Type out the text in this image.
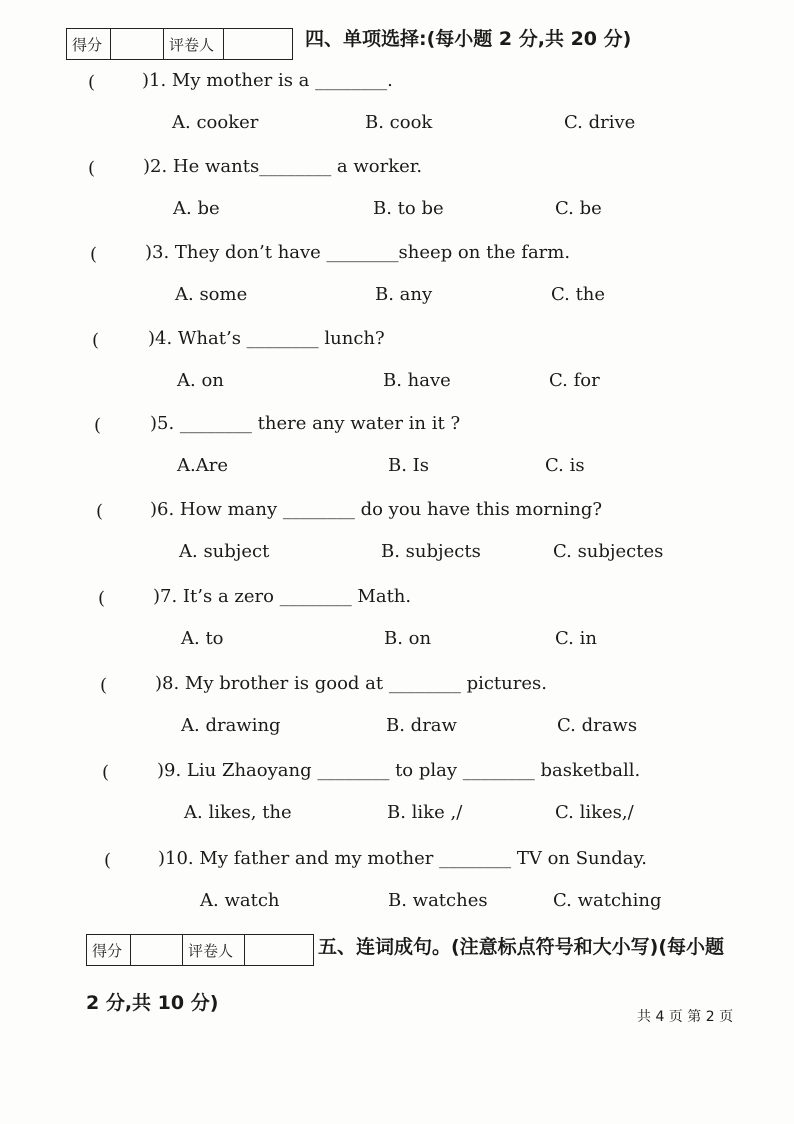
得分	评卷人	四、单项选择:(每小题 2 分,共 20 分)
(	)1. My mother is a ________.
A. cooker	B. cook	C. drive
(	)2. He wants________ a worker.
A. be	B. to be	C. be
(	)3. They don’t have ________sheep on the farm.
A. some	B. any	C. the
(	)4. What’s ________ lunch?
A. on	B. have	C. for
(	)5. ________ there any water in it ?
A.Are	B. Is	C. is
(	)6. How many ________ do you have this morning?
A. subject	B. subjects	C. subjectes
(	)7. It’s a zero ________ Math.
A. to	B. on	C. in
(	)8. My brother is good at ________ pictures.
A. drawing	B. draw	C. draws
(	)9. Liu Zhaoyang ________ to play ________ basketball.
A. likes, the	B. like ,/	C. likes,/
(	)10. My father and my mother ________ TV on Sunday.
A. watch	B. watches	C. watching
得分	评卷人	五、连词成句。(注意标点符号和大小写)(每小题
2 分,共 10 分)
共 4 页 第 2 页
